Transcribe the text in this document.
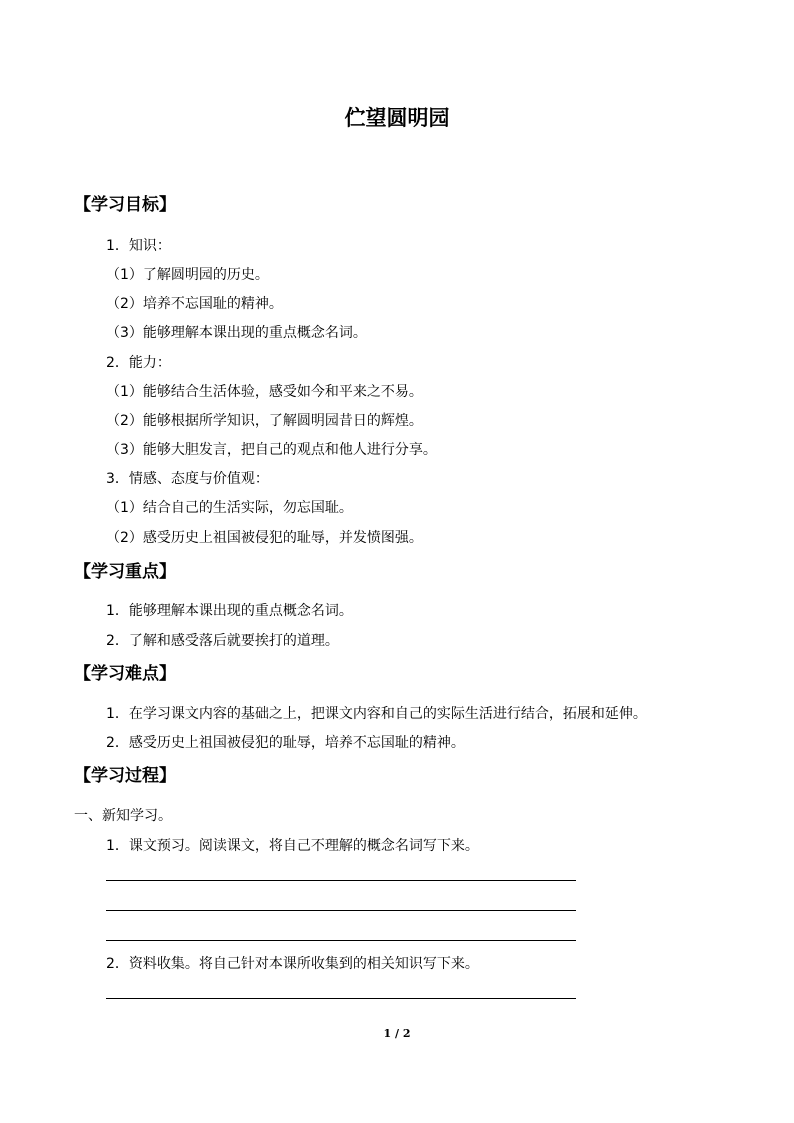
伫望圆明园
【学习目标】
1．知识：
（1）了解圆明园的历史。
（2）培养不忘国耻的精神。
（3）能够理解本课出现的重点概念名词。
2．能力：
（1）能够结合生活体验，感受如今和平来之不易。
（2）能够根据所学知识，了解圆明园昔日的辉煌。
（3）能够大胆发言，把自己的观点和他人进行分享。
3．情感、态度与价值观：
（1）结合自己的生活实际，勿忘国耻。
（2）感受历史上祖国被侵犯的耻辱，并发愤图强。
【学习重点】
1．能够理解本课出现的重点概念名词。
2．了解和感受落后就要挨打的道理。
【学习难点】
1．在学习课文内容的基础之上，把课文内容和自己的实际生活进行结合，拓展和延伸。
2．感受历史上祖国被侵犯的耻辱，培养不忘国耻的精神。
【学习过程】
一、新知学习。
1．课文预习。阅读课文，将自己不理解的概念名词写下来。
2．资料收集。将自己针对本课所收集到的相关知识写下来。
1 / 2
